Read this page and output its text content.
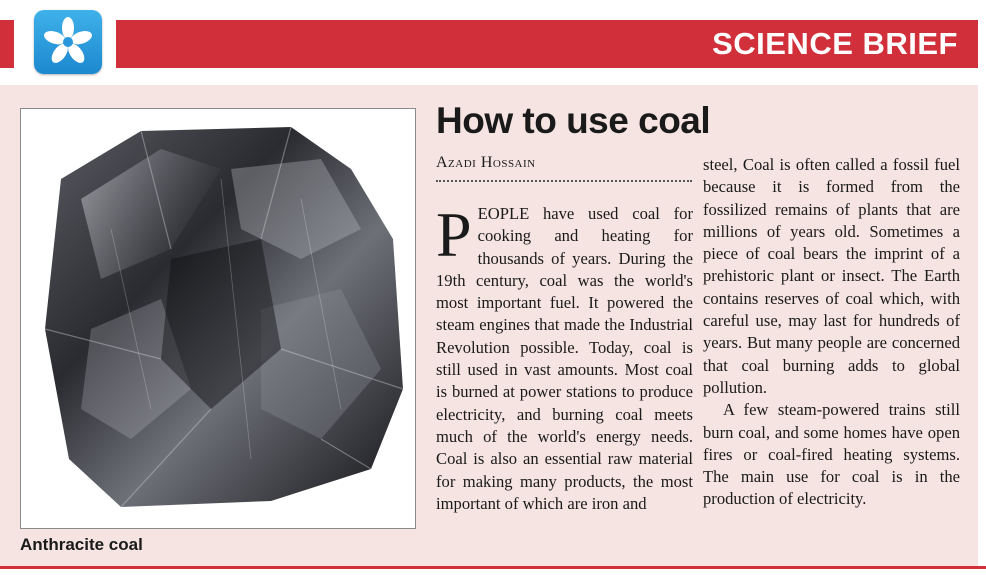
SCIENCE BRIEF
Anthracite coal
How to use coal
Azadi Hossain

PEOPLE have used coal for cooking and heating for thousands of years. During the 19th century, coal was the world's most important fuel. It powered the steam engines that made the Industrial Revolution possible. Today, coal is still used in vast amounts. Most coal is burned at power stations to produce electricity, and burning coal meets much of the world's energy needs. Coal is also an essential raw material for making many products, the most important of which are iron and

steel, Coal is often called a fossil fuel because it is formed from the fossilized remains of plants that are millions of years old. Sometimes a piece of coal bears the imprint of a prehistoric plant or insect. The Earth contains reserves of coal which, with careful use, may last for hundreds of years. But many people are concerned that coal burning adds to global pollution.

A few steam-powered trains still burn coal, and some homes have open fires or coal-fired heating systems. The main use for coal is in the production of electricity.
